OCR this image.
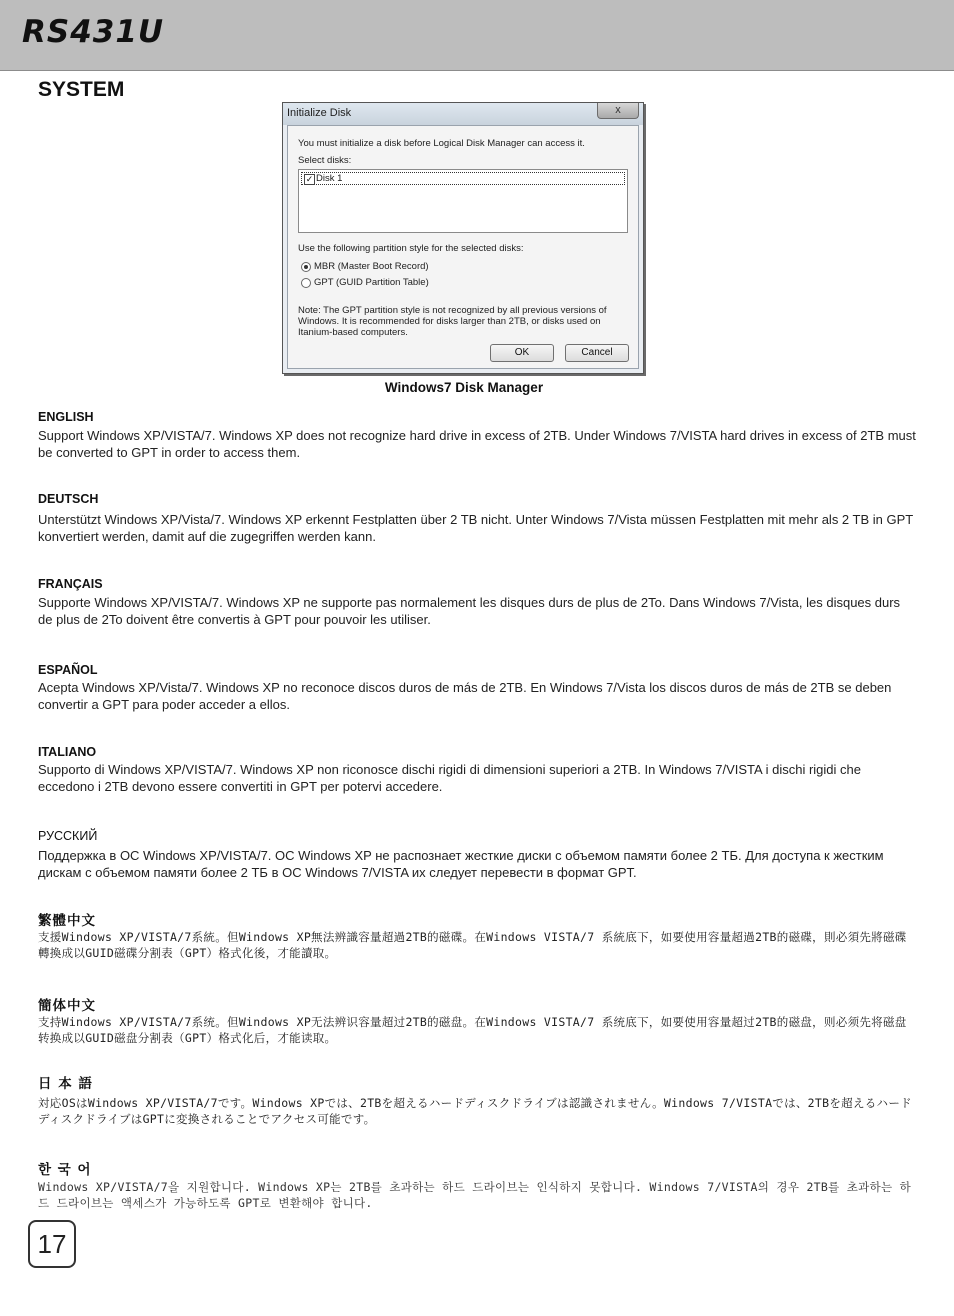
RS431U
SYSTEM
Initialize Disk	x
You must initialize a disk before Logical Disk Manager can access it.
Select disks:
✓ Disk 1
Use the following partition style for the selected disks:
MBR (Master Boot Record)
GPT (GUID Partition Table)
Note: The GPT partition style is not recognized by all previous versions of
Windows. It is recommended for disks larger than 2TB, or disks used on
Itanium-based computers.
OK	Cancel

Windows7 Disk Manager

ENGLISH

Support Windows XP/VISTA/7. Windows XP does not recognize hard drive in excess of 2TB. Under Windows 7/VISTA hard drives in excess of 2TB must be converted to GPT in order to access them.

DEUTSCH

Unterstützt Windows XP/Vista/7. Windows XP erkennt Festplatten über 2 TB nicht. Unter Windows 7/Vista müssen Festplatten mit mehr als 2 TB in GPT konvertiert werden, damit auf die zugegriffen werden kann.

FRANÇAIS

Supporte Windows XP/VISTA/7. Windows XP ne supporte pas normalement les disques durs de plus de 2To. Dans Windows 7/Vista, les disques durs de plus de 2To doivent être convertis à GPT pour pouvoir les utiliser.

ESPAÑOL

Acepta Windows XP/Vista/7. Windows XP no reconoce discos duros de más de 2TB. En Windows 7/Vista los discos duros de más de 2TB se deben convertir a GPT para poder acceder a ellos.

ITALIANO

Supporto di Windows XP/VISTA/7. Windows XP non riconosce dischi rigidi di dimensioni superiori a 2TB. In Windows 7/VISTA i dischi rigidi che eccedono i 2TB devono essere convertiti in GPT per potervi accedere.

РУССКИЙ

Поддержка в ОС Windows XP/VISTA/7. ОС Windows XP не распознает жесткие диски с объемом памяти более 2 ТБ. Для доступа к жестким дискам с объемом памяти более 2 ТБ в ОС Windows 7/VISTA их следует перевести в формат GPT.

繁體中文

支援Windows XP/VISTA/7系統。但Windows XP無法辨識容量超過2TB的磁碟。在Windows VISTA/7 系統底下，如要使用容量超過2TB的磁碟，則必須先將磁碟轉換成以GUID磁碟分割表（GPT）格式化後，才能讀取。

簡体中文

支持Windows XP/VISTA/7系统。但Windows XP无法辨识容量超过2TB的磁盘。在Windows VISTA/7 系统底下，如要使用容量超过2TB的磁盘，则必须先将磁盘转换成以GUID磁盘分割表（GPT）格式化后，才能读取。

日 本 語

対応OSはWindows XP/VISTA/7です。Windows XPでは、2TBを超えるハードディスクドライブは認識されません。Windows 7/VISTAでは、2TBを超えるハードディスクドライブはGPTに変換されることでアクセス可能です。

한 국 어

Windows XP/VISTA/7을 지원합니다. Windows XP는 2TB를 초과하는 하드 드라이브는 인식하지 못합니다. Windows 7/VISTA의 경우 2TB를 초과하는 하드 드라이브는 액세스가 가능하도록 GPT로 변환해야 합니다.

17
